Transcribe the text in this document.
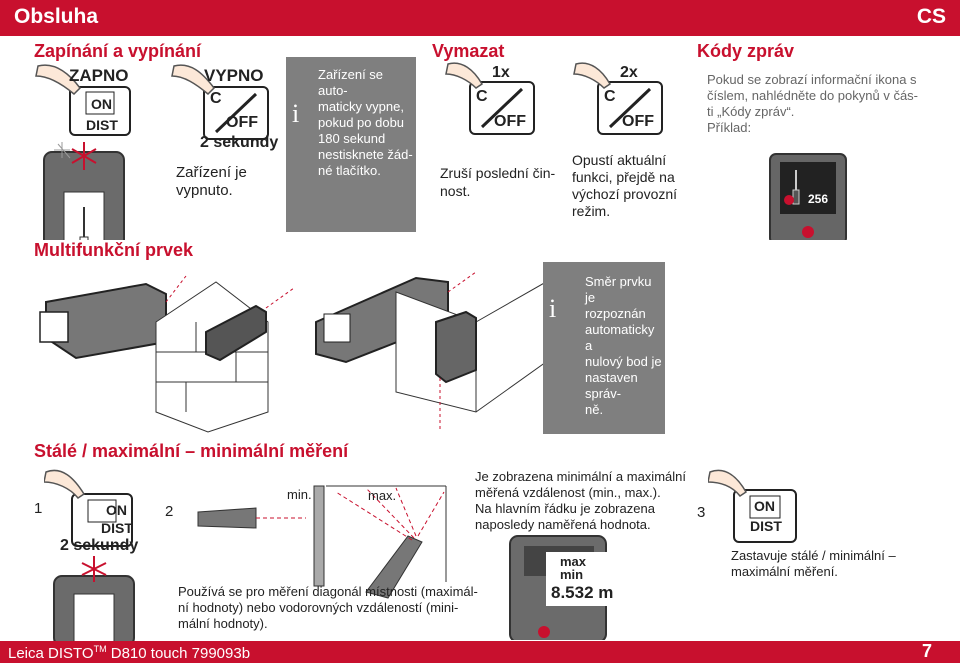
Obsluha	CS
Zapínání a vypínání
ZAPNO	VYPNO
ON
DIST
C
OFF
2 sekundy
Zařízení je
vypnuto.
i
Zařízení se auto-
maticky vypne,
pokud po dobu
180 sekund
nestisknete žád-
né tlačítko.
Vymazat
1x	2x
C
OFF
C
OFF
Zruší poslední čin-
nost.
Opustí aktuální
funkci, přejdě na
výchozí provozní
režim.
Kódy zpráv
Pokud se zobrazí informační ikona s
číslem, nahlédněte do pokynů v čás-
ti „Kódy zpráv“.
Příklad:
256
Multifunkční prvek
i
Směr prvku je
rozpoznán
automaticky a
nulový bod je
nastaven správ-
ně.
Stálé / maximální – minimální měření
1	ON
DIST
2 sekundy
2
min.	max.
Používá se pro měření diagonál místnosti (maximál-
ní hodnoty) nebo vodorovných vzdáleností (mini-
mální hodnoty).
Je zobrazena minimální a maximální
měřená vzdálenost (min., max.).
Na hlavním řádku je zobrazena
naposledy naměřená hodnota.
max
min
8.532 m
3	ON
DIST
Zastavuje stálé / minimální –
maximální měření.
Leica DISTO™ D810 touch 799093b	7
